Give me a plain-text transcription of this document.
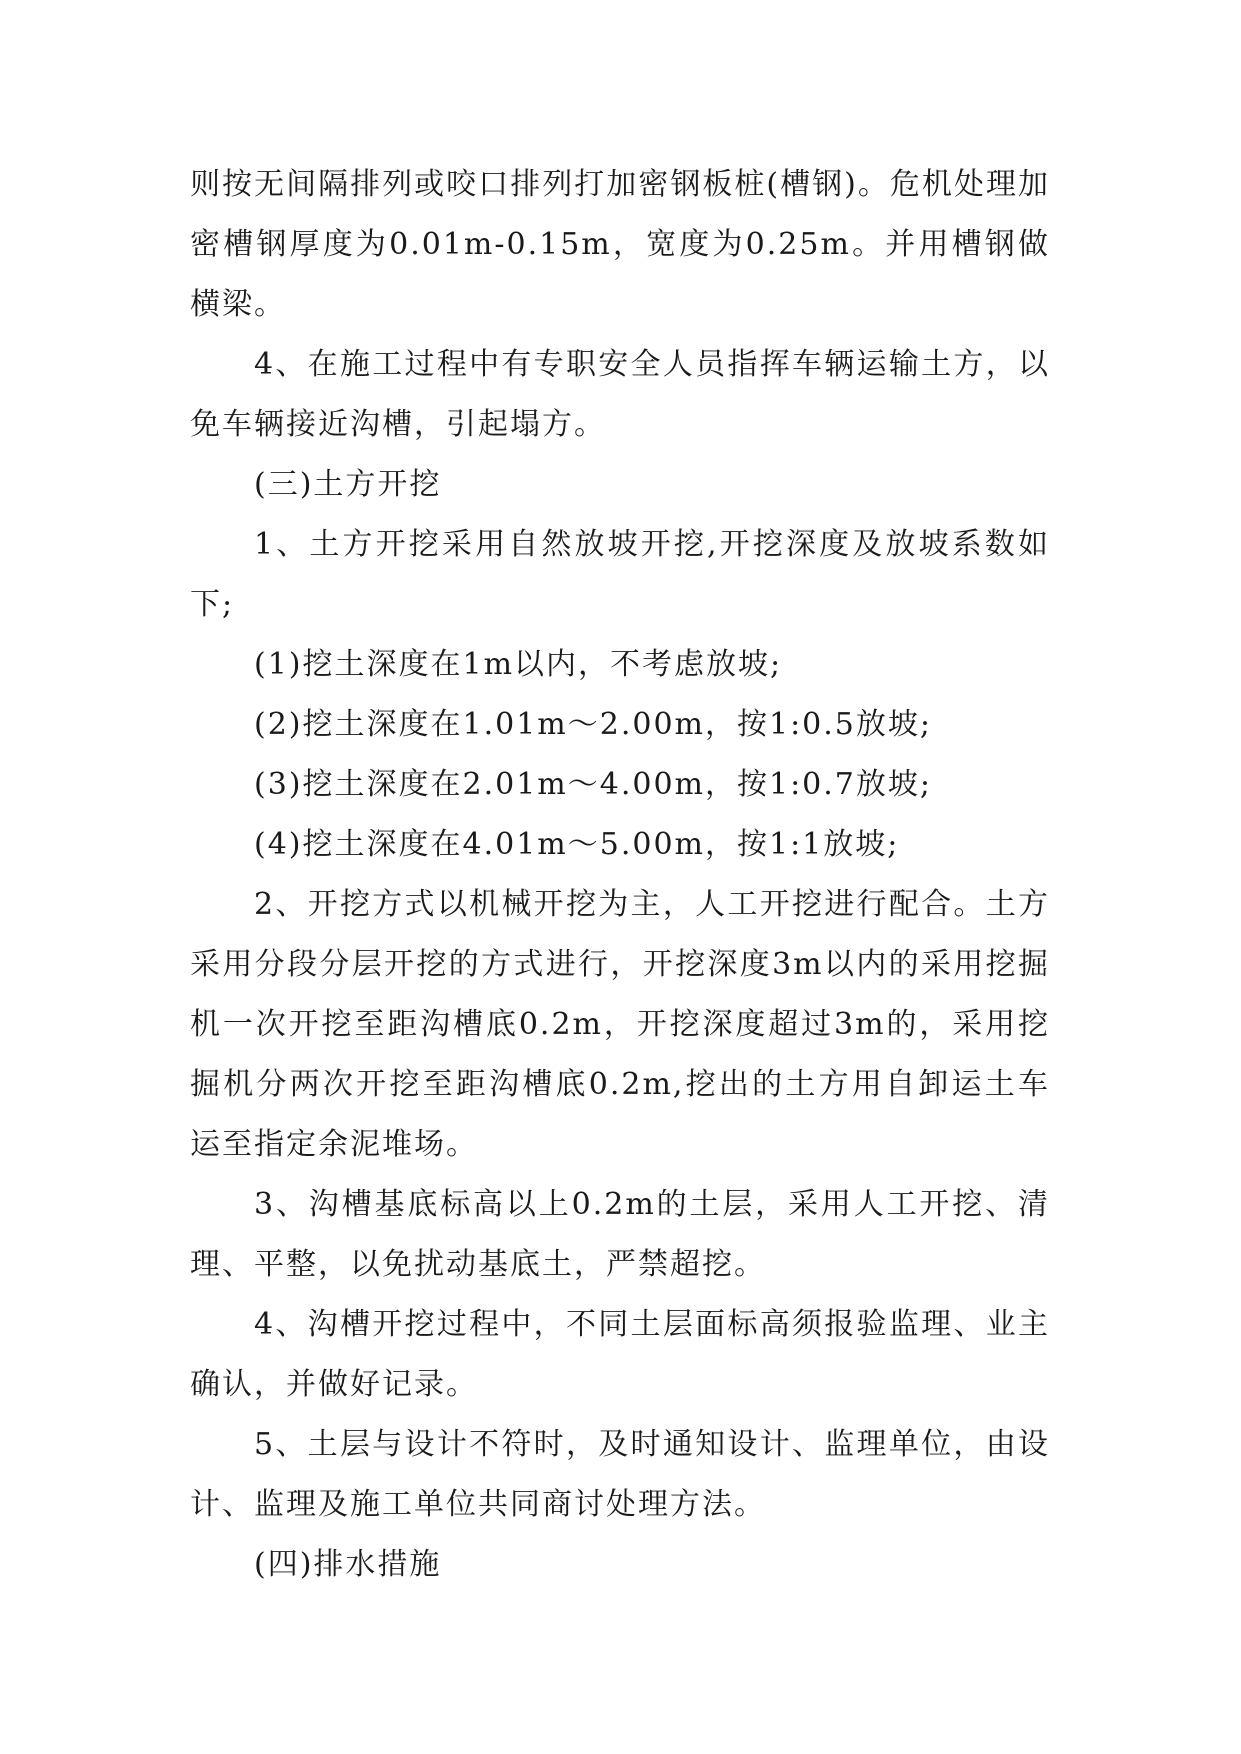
则按无间隔排列或咬口排列打加密钢板桩(槽钢)。危机处理加密槽钢厚度为0.01m-0.15m，宽度为0.25m。并用槽钢做横梁。

4、在施工过程中有专职安全人员指挥车辆运输土方，以免车辆接近沟槽，引起塌方。

(三)土方开挖

1、土方开挖采用自然放坡开挖,开挖深度及放坡系数如下;

(1)挖土深度在1m以内，不考虑放坡;

(2)挖土深度在1.01m～2.00m，按1:0.5放坡;

(3)挖土深度在2.01m～4.00m，按1:0.7放坡;

(4)挖土深度在4.01m～5.00m，按1:1放坡;

2、开挖方式以机械开挖为主，人工开挖进行配合。土方采用分段分层开挖的方式进行，开挖深度3m以内的采用挖掘机一次开挖至距沟槽底0.2m，开挖深度超过3m的，采用挖掘机分两次开挖至距沟槽底0.2m,挖出的土方用自卸运土车运至指定余泥堆场。

3、沟槽基底标高以上0.2m的土层，采用人工开挖、清理、平整，以免扰动基底土，严禁超挖。

4、沟槽开挖过程中，不同土层面标高须报验监理、业主确认，并做好记录。

5、土层与设计不符时，及时通知设计、监理单位，由设计、监理及施工单位共同商讨处理方法。

(四)排水措施
